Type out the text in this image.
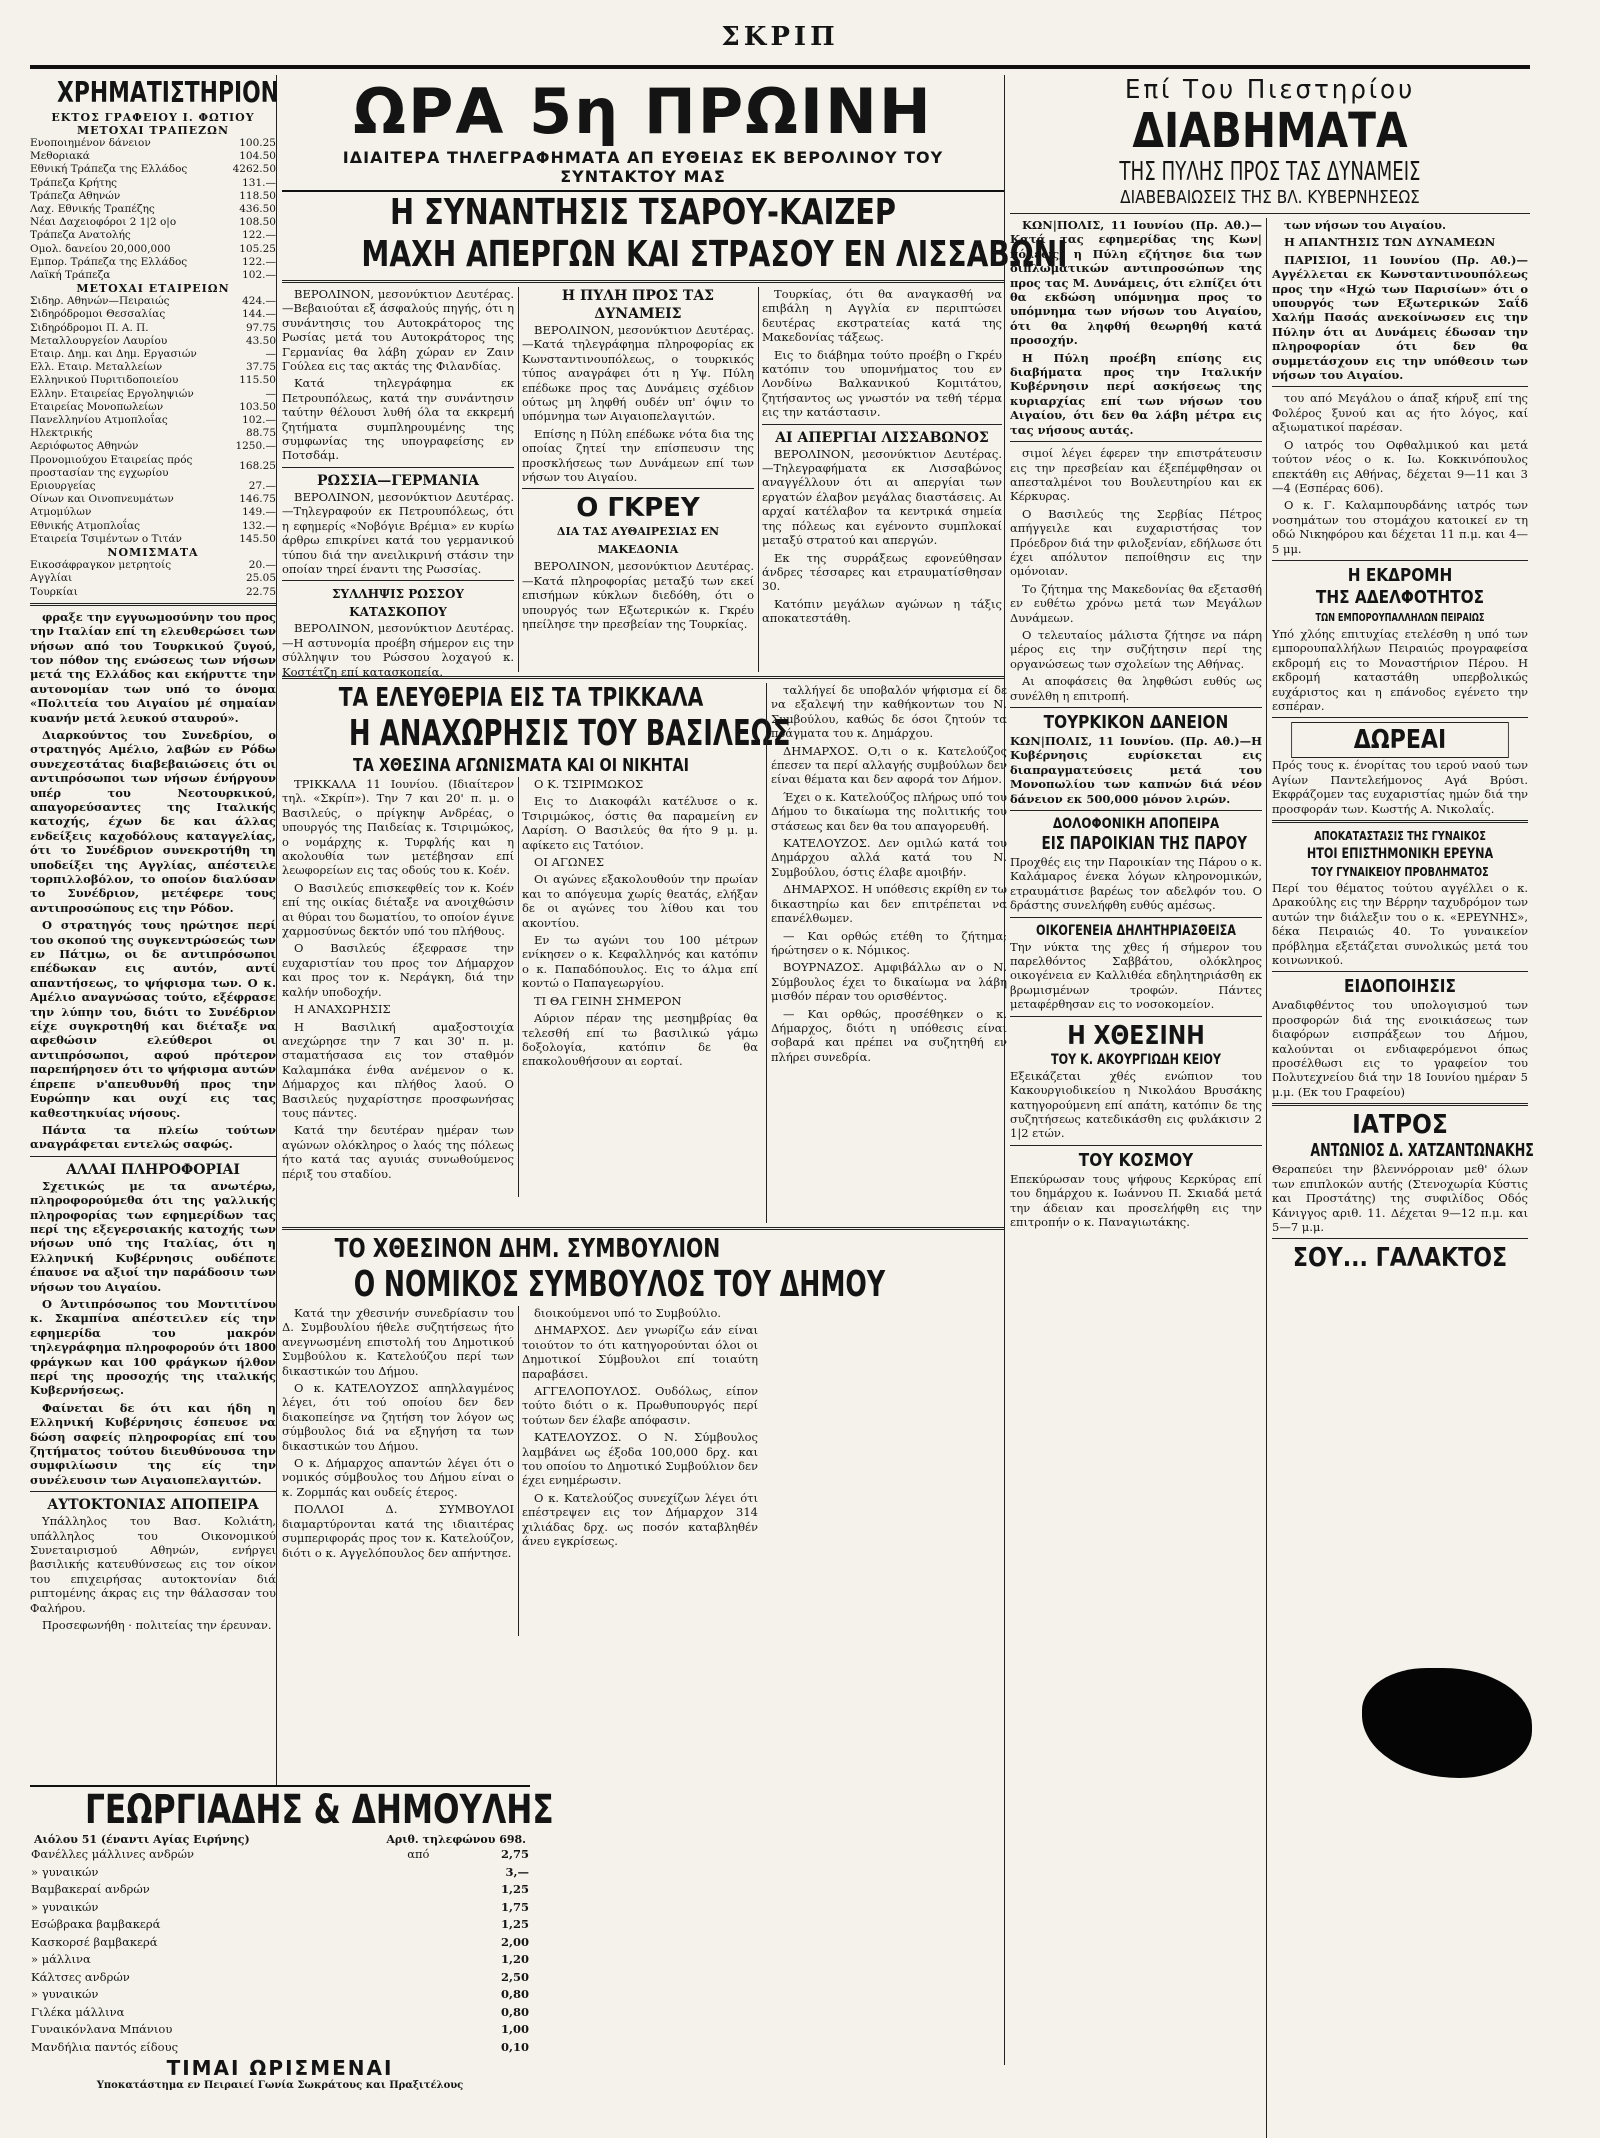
ΣΚΡΙΠ
ΧΡΗΜΑΤΙΣΤΗΡΙΟΝ
ΕΚΤΟΣ ΓΡΑΦΕΙΟΥ Ι. ΦΩΤΙΟΥ
ΜΕΤΟΧΑΙ ΤΡΑΠΕΖΩΝ
Ενοποιημένον δάνειον	100.25
Μεθοριακά	104.50
Εθνική Τράπεζα της Ελλάδος	4262.50
Τράπεζα Κρήτης	131.—
Τράπεζα Αθηνών	118.50
Λαχ. Εθνικής Τραπέζης	436.50
Νέαι Δαχειοφόροι 2 1|2 ο|ο	108.50
Τράπεζα Ανατολής	122.—
Ομολ. δανείου 20,000,000	105.25
Εμπορ. Τράπεζα της Ελλάδος	122.—
Λαϊκή Τράπεζα	102.—
ΜΕΤΟΧΑΙ ΕΤΑΙΡΕΙΩΝ
Σιδηρ. Αθηνών—Πειραιώς	424.—
Σιδηρόδρομοι Θεσσαλίας	144.—
Σιδηρόδρομοι Π. Α. Π.	97.75
Μεταλλουργείον Λαυρίου	43.50
Εταιρ. Δημ. και Δημ. Εργασιών	—
Ελλ. Εταιρ. Μεταλλείων	37.75
Ελληνικού Πυριτιδοποιείου	115.50
Ελλην. Εταιρείας Εργοληψιών	—
Εταιρείας Μονοπωλείων	103.50
Πανελληνίου Ατμοπλοΐας	102.—
Ηλεκτρικής	88.75
Αεριόφωτος Αθηνών	1250.—
Προνομιούχου Εταιρείας πρός προστασίαν της εγχωρίου	168.25
Εριουργείας	27.—
Οίνων και Οινοπνευμάτων	146.75
Ατμομύλων	149.—
Εθνικής Ατμοπλοΐας	132.—
Εταιρεία Τσιμέντων ο Τιτάν	145.50
ΝΟΜΙΣΜΑΤΑ
Εικοσάφραγκον μετρητοίς	20.—
Αγγλίαι	25.05
Τουρκίαι	22.75

φραξε την εγγυωμοσύνην του προς την Ιταλίαν επί τη ελευθερώσει των νήσων από του Τουρκικού ζυγού, τον πόθον της ενώσεως των νήσων μετά της Ελλάδος και εκήρυττε την αυτονομίαν των υπό το όνομα «Πολιτεία του Αιγαίου μέ σημαίαν κυανήν μετά λευκού σταυρού».

Διαρκούντος του Συνεδρίου, ο στρατηγός Αμέλιο, λαβών εν Ρόδω συνεχεστάτας διαβεβαιώσεις ότι οι αντιπρόσωποι των νήσων ένήργουν υπέρ του Νεοτουρκικού, απαγορεύσαντες της Ιταλικής κατοχής, έχων δε και άλλας ενδείξεις καχοδόλους καταγγελίας, ότι το Συνέδριον συνεκροτήθη τη υποδείξει της Αγγλίας, απέστειλε τορπιλλοβόλον, το οποίον διαλύσαν το Συνέδριον, μετέφερε τους αντιπροσώπους εις την Ρόδον.

Ο στρατηγός τους ηρώτησε περί του σκοπού της συγκεντρώσεώς των εν Πάτμω, οι δε αντιπρόσωποι επέδωκαν εις αυτόν, αντί απαντήσεως, το ψήφισμα των. Ο κ. Αμέλιο αναγνώσας τούτο, εξέφρασε την λύπην του, διότι το Συνέδριον είχε συγκροτηθή και διέταξε να αφεθώσιν ελεύθεροι οι αντιπρόσωποι, αφού πρότερον παρεπήρησεν ότι το ψήφισμα αυτών έπρεπε ν'απευθυνθή προς την Ευρώπην και ουχί εις τας καθεστηκυίας νήσους.

Πάντα τα πλείω τούτων αναγράφεται εντελώς σαφώς.

ΑΛΛΑΙ ΠΛΗΡΟΦΟΡΙΑΙ

Σχετικώς με τα ανωτέρω, πληροφορούμεθα ότι της γαλλικής πληροφορίας των εφημερίδων τας περί της εξεγερσιακής κατοχής των νήσων υπό της Ιταλίας, ότι η Ελληνική Κυβέρνησις ουδέποτε έπαυσε να αξιοί την παράδοσιν των νήσων του Αιγαίου.

Ο Άντιπρόσωπος του Μοντιτίνου κ. Σκαμπίνα απέστειλεν είς την εφημερίδα του μακρόν τηλεγράφημα πληροφορούν ότι 1800 φράγκων και 100 φράγκων ήλθον περί της προσοχής της ιταλικής Κυβερνήσεως.

Φαίνεται δε ότι και ήδη η Ελληνική Κυβέρνησις έσπευσε να δώση σαφείς πληροφορίας επί του ζητήματος τούτου διευθύνουσα την συμφιλίωσιν της είς την συνέλευσιν των Αιγαιοπελαγιτών.

ΑΥΤΟΚΤΟΝΙΑΣ ΑΠΟΠΕΙΡΑ

Υπάλληλος του Βασ. Κολιάτη, υπάλληλος του Οικονομικού Συνεταιρισμού Αθηνών, ενήργει βασιλικής κατευθύνσεως εις τον οίκον του επιχειρήσας αυτοκτονίαν διά ριπτομένης άκρας εις την θάλασσαν του Φαλήρου.

Προσεφωνήθη · πολιτείας την έρευναν.

ΓΕΩΡΓΙΑΔΗΣ & ΔΗΜΟΥΛΗΣ
Αιόλου 51 (έναντι Αγίας Ειρήνης)	Αριθ. τηλεφώνου 698.
Φανέλλες μάλλινες ανδρών	από	2,75
» γυναικών		3,—
Βαμβακεραί ανδρών		1,25
» γυναικών		1,75
Εσώβρακα βαμβακερά		1,25
Κασκορσέ βαμβακερά		2,00
» μάλλινα		1,20
Κάλτσες ανδρών		2,50
» γυναικών		0,80
Γιλέκα μάλλινα		0,80
Γυναικόνλανα Μπάνιου		1,00
Μανδήλια παντός είδους		0,10
ΤΙΜΑΙ ΩΡΙΣΜΕΝΑΙ
Υποκατάστημα εν Πειραιεί Γωνία Σωκράτους και Πραξιτέλους
ΩΡΑ 5η ΠΡΩΙΝΗ
ΙΔΙΑΙΤΕΡΑ ΤΗΛΕΓΡΑΦΗΜΑΤΑ ΑΠ ΕΥΘΕΙΑΣ ΕΚ ΒΕΡΟΛΙΝΟΥ ΤΟΥ ΣΥΝΤΑΚΤΟΥ ΜΑΣ
Η ΣΥΝΑΝΤΗΣΙΣ ΤΣΑΡΟΥ-ΚΑΙΖΕΡ
ΜΑΧΗ ΑΠΕΡΓΩΝ ΚΑΙ ΣΤΡΑΣΟΥ ΕΝ ΛΙΣΣΑΒΩΝΙ

ΒΕΡΟΛΙΝΟΝ, μεσονύκτιον Δευτέρας.—Βεβαιούται εξ άσφαλούς πηγής, ότι η συνάντησις του Αυτοκράτορος της Ρωσίας μετά του Αυτοκράτορος της Γερμανίας θα λάβη χώραν εν Ζαιν Γούλεα εις τας ακτάς της Φιλανδίας.

Κατά τηλεγράφημα εκ Πετρουπόλεως, κατά την συνάντησιν ταύτην θέλουσι λυθή όλα τα εκκρεμή ζητήματα συμπληρουμένης της συμφωνίας της υπογραφείσης εν Ποτσδάμ.

ΡΩΣΣΙΑ—ΓΕΡΜΑΝΙΑ

ΒΕΡΟΛΙΝΟΝ, μεσονύκτιον Δευτέρας.—Τηλεγραφούν εκ Πετρουπόλεως, ότι η εφημερίς «Νοβόγιε Βρέμια» εν κυρίω άρθρω επικρίνει κατά του γερμανικού τύπου διά την ανειλικρινή στάσιν την οποίαν τηρεί έναντι της Ρωσσίας.

ΣΥΛΛΗΨΙΣ ΡΩΣΣΟΥ ΚΑΤΑΣΚΟΠΟΥ

ΒΕΡΟΛΙΝΟΝ, μεσονύκτιον Δευτέρας.—Η αστυνομία προέβη σήμερον εις την σύλληψιν του Ρώσσου λοχαγού κ. Κοστέτζη επί κατασκοπεία.

Η ΠΥΛΗ ΠΡΟΣ ΤΑΣ ΔΥΝΑΜΕΙΣ

ΒΕΡΟΛΙΝΟΝ, μεσονύκτιον Δευτέρας.—Κατά τηλεγράφημα πληροφορίας εκ Κωνσταντινουπόλεως, ο τουρκικός τύπος αναγράφει ότι η Υψ. Πύλη επέδωκε προς τας Δυνάμεις σχέδιον ούτως μη ληφθή ουδέν υπ' όψιν το υπόμνημα των Αιγαιοπελαγιτών.

Επίσης η Πύλη επέδωκε νότα δια της οποίας ζητεί την επίσπευσιν της προσκλήσεως των Δυνάμεων επί των νήσων του Αιγαίου.

Ο ΓΚΡΕΥ
ΔΙΑ ΤΑΣ ΑΥΘΑΙΡΕΣΙΑΣ ΕΝ ΜΑΚΕΔΟΝΙΑ

ΒΕΡΟΛΙΝΟΝ, μεσονύκτιον Δευτέρας.—Κατά πληροφορίας μεταξύ των εκεί επισήμων κύκλων διεδόθη, ότι ο υπουργός των Εξωτερικών κ. Γκρέυ ηπείλησε την πρεσβείαν της Τουρκίας.

Τουρκίας, ότι θα αναγκασθή να επιβάλη η Αγγλία εν περιπτώσει δευτέρας εκστρατείας κατά της Μακεδονίας τάξεως.

Εις το διάβημα τούτο προέβη ο Γκρέυ κατόπιν του υπομνήματος του εν Λονδίνω Βαλκανικού Κομιτάτου, ζητήσαντος ως γνωστόν να τεθή τέρμα εις την κατάστασιν.

ΑΙ ΑΠΕΡΓΙΑΙ ΛΙΣΣΑΒΩΝΟΣ

ΒΕΡΟΛΙΝΟΝ, μεσονύκτιον Δευτέρας.—Τηλεγραφήματα εκ Λισσαβώνος αναγγέλλουν ότι αι απεργίαι των εργατών έλαβον μεγάλας διαστάσεις. Αι αρχαί κατέλαβον τα κεντρικά σημεία της πόλεως και εγένοντο συμπλοκαί μεταξύ στρατού και απεργών.

Εκ της συρράξεως εφονεύθησαν άνδρες τέσσαρες και ετραυματίσθησαν 30.

Κατόπιν μεγάλων αγώνων η τάξις αποκατεστάθη.

ΤΑ ΕΛΕΥΘΕΡΙΑ ΕΙΣ ΤΑ ΤΡΙΚΚΑΛΑ
Η ΑΝΑΧΩΡΗΣΙΣ ΤΟΥ ΒΑΣΙΛΕΩΣ
ΤΑ ΧΘΕΣΙΝΑ ΑΓΩΝΙΣΜΑΤΑ ΚΑΙ ΟΙ ΝΙΚΗΤΑΙ

ΤΡΙΚΚΑΛΑ 11 Ιουνίου. (Ιδιαίτερον τηλ. «Σκρίπ»). Την 7 και 20' π. μ. ο Βασιλεύς, ο πρίγκηψ Ανδρέας, ο υπουργός της Παιδείας κ. Τσιριμώκος, ο νομάρχης κ. Τυρφλής και η ακολουθία των μετέβησαν επί λεωφορείων εις τας οδούς του κ. Κοέν.

Ο Βασιλεύς επισκεφθείς τον κ. Κοέν επί της οικίας διέταξε να ανοιχθώσιν αι θύραι του δωματίου, το οποίον έγινε χαρμοσύνως δεκτόν υπό του πλήθους.

Ο Βασιλεύς έξεφρασε την ευχαριστίαν του προς τον Δήμαρχον και προς τον κ. Νεράγκη, διά την καλήν υποδοχήν.

Η ΑΝΑΧΩΡΗΣΙΣ

Η Βασιλική αμαξοστοιχία ανεχώρησε την 7 και 30' π. μ. σταματήσασα εις τον σταθμόν Καλαμπάκα ένθα ανέμενον ο κ. Δήμαρχος και πλήθος λαού. Ο Βασιλεύς ηυχαρίστησε προσφωνήσας τους πάντες.

Κατά την δευτέραν ημέραν των αγώνων ολόκληρος ο λαός της πόλεως ήτο κατά τας αγυιάς συνωθούμενος πέριξ του σταδίου.

Ο Κ. ΤΣΙΡΙΜΩΚΟΣ

Εις το Διακοφάλι κατέλυσε ο κ. Τσιριμώκος, όστις θα παραμείνη εν Λαρίση. Ο Βασιλεύς θα ήτο 9 μ. μ. αφίκετο εις Τατόιον.

ΟΙ ΑΓΩΝΕΣ

Οι αγώνες εξακολουθούν την πρωίαν και το απόγευμα χωρίς θεατάς, ελήξαν δε οι αγώνες του λίθου και του ακοντίου.

Εν τω αγώνι του 100 μέτρων ενίκησεν ο κ. Κεφαλληνός και κατόπιν ο κ. Παπαδόπουλος. Εις το άλμα επί κοντώ ο Παπαγεωργίου.

ΤΙ ΘΑ ΓΕΙΝΗ ΣΗΜΕΡΟΝ

Αύριον πέραν της μεσημβρίας θα τελεσθή επί τω βασιλικώ γάμω δοξολογία, κατόπιν δε θα επακολουθήσουν αι εορταί.

ταλλήγεί δε υποβαλόν ψήφισμα εί δε να εξαλεψή την καθήκοντων του Ν. Συμβούλου, καθώς δε όσοι ζητούν τα πράγματα του κ. Δημάρχου.

ΔΗΜΑΡΧΟΣ. Ο,τι ο κ. Κατελούζος έπεσεν τα περί αλλαγής συμβούλων δεν είναι θέματα και δεν αφορά τον Δήμον.

Έχει ο κ. Κατελούζος πλήρως υπό του Δήμου το δικαίωμα της πολιτικής του στάσεως και δεν θα του απαγορευθή.

ΚΑΤΕΛΟΥΖΟΣ. Δεν ομιλώ κατά του Δημάρχου αλλά κατά του Ν. Συμβούλου, όστις έλαβε αμοιβήν.

ΔΗΜΑΡΧΟΣ. Η υπόθεσις εκρίθη εν τω δικαστηρίω και δεν επιτρέπεται να επανέλθωμεν.

— Και ορθώς ετέθη το ζήτημα; ήρώτησεν ο κ. Νόμικος.

ΒΟΥΡΝΑΖΟΣ. Αμφιβάλλω αν ο Ν. Σύμβουλος έχει το δικαίωμα να λάβη μισθόν πέραν του ορισθέντος.

— Και ορθώς, προσέθηκεν ο κ. Δήμαρχος, διότι η υπόθεσις είναι σοβαρά και πρέπει να συζητηθή εν πλήρει συνεδρία.

ΤΟ ΧΘΕΣΙΝΟΝ ΔΗΜ. ΣΥΜΒΟΥΛΙΟΝ
Ο ΝΟΜΙΚΟΣ ΣΥΜΒΟΥΛΟΣ ΤΟΥ ΔΗΜΟΥ

Κατά την χθεσινήν συνεδρίασιν του Δ. Συμβουλίου ήθελε συζητήσεως ήτο ανεγνωσμένη επιστολή του Δημοτικού Συμβούλου κ. Κατελούζου περί των δικαστικών του Δήμου.

Ο κ. ΚΑΤΕΛΟΥΖΟΣ απηλλαγμένος λέγει, ότι τού οποίου δεν δεν διακοπείησε να ζητήση τον λόγον ως σύμβουλος διά να εξηγήση τα των δικαστικών του Δήμου.

Ο κ. Δήμαρχος απαντών λέγει ότι ο νομικός σύμβουλος του Δήμου είναι ο κ. Ζορμπάς και ουδείς έτερος.

ΠΟΛΛΟΙ Δ. ΣΥΜΒΟΥΛΟΙ διαμαρτύρονται κατά της ιδιαιτέρας συμπεριφοράς προς τον κ. Κατελούζον, διότι ο κ. Αγγελόπουλος δεν απήντησε.

διοικούμενοι υπό το Συμβούλιο.

ΔΗΜΑΡΧΟΣ. Δεν γνωρίζω εάν είναι τοιούτον το ότι κατηγορούνται όλοι οι Δημοτικοί Σύμβουλοι επί τοιαύτη παραβάσει.

ΑΓΓΕΛΟΠΟΥΛΟΣ. Ουδόλως, είπον τούτο διότι ο κ. Πρωθυπουργός περί τούτων δεν έλαβε απόφασιν.

ΚΑΤΕΛΟΥΖΟΣ. Ο Ν. Σύμβουλος λαμβάνει ως έξοδα 100,000 δρχ. και του οποίου το Δημοτικό Συμβούλιον δεν έχει ενημέρωσιν.

Ο κ. Κατελούζος συνεχίζων λέγει ότι επέστρεψεν εις τον Δήμαρχον 314 χιλιάδας δρχ. ως ποσόν καταβληθέν άνευ εγκρίσεως.

Επί Του Πιεστηρίου
ΔΙΑΒΗΜΑΤΑ
ΤΗΣ ΠΥΛΗΣ ΠΡΟΣ ΤΑΣ ΔΥΝΑΜΕΙΣ
ΔΙΑΒΕΒΑΙΩΣΕΙΣ ΤΗΣ ΒΛ. ΚΥΒΕΡΝΗΣΕΩΣ

ΚΩΝ|ΠΟΛΙΣ, 11 Ιουνίου (Πρ. Αθ.)—Κατά τας εφημερίδας της Κων|πόλεως, η Πύλη εζήτησε δια των διπλωματικών αντιπροσώπων της προς τας Μ. Δυνάμεις, ότι ελπίζει ότι θα εκδώση υπόμνημα προς το υπόμνημα των νήσων του Αιγαίου, ότι θα ληφθή θεωρηθή κατά προσοχήν.

Η Πύλη προέβη επίσης εις διαβήματα προς την Ιταλικήν Κυβέρνησιν περί ασκήσεως της κυριαρχίας επί των νήσων του Αιγαίου, ότι δεν θα λάβη μέτρα εις τας νήσους αυτάς.

σιμοί λέγει έφερεν την επιστράτευσιν εις την πρεσβείαν και έξεπέμφθησαν οι απεσταλμένοι του Βουλευτηρίου και εκ Κέρκυρας.

Ο Βασιλεύς της Σερβίας Πέτρος απήγγειλε και ευχαριστήσας τον Πρόεδρον διά την φιλοξενίαν, εδήλωσε ότι έχει απόλυτον πεποίθησιν εις την ομόνοιαν.

Το ζήτημα της Μακεδονίας θα εξετασθή εν ευθέτω χρόνω μετά των Μεγάλων Δυνάμεων.

Ο τελευταίος μάλιστα ζήτησε να πάρη μέρος εις την συζήτησιν περί της οργανώσεως των σχολείων της Αθήνας.

Αι αποφάσεις θα ληφθώσι ευθύς ως συνέλθη η επιτροπή.

ΤΟΥΡΚΙΚΟΝ ΔΑΝΕΙΟΝ
ΚΩΝ|ΠΟΛΙΣ, 11 Ιουνίου. (Πρ. Αθ.)—Η Κυβέρνησις ευρίσκεται εις διαπραγματεύσεις μετά του Μονοπωλίου των καπνών διά νέον δάνειον εκ 500,000 μόνον λιρών.
ΔΟΛΟΦΟΝΙΚΗ ΑΠΟΠΕΙΡΑ
ΕΙΣ ΠΑΡΟΙΚΙΑΝ ΤΗΣ ΠΑΡΟΥ
Προχθές εις την Παροικίαν της Πάρου ο κ. Καλάμαρος ένεκα λόγων κληρονομικών, ετραυμάτισε βαρέως τον αδελφόν του. Ο δράστης συνελήφθη ευθύς αμέσως.
ΟΙΚΟΓΕΝΕΙΑ ΔΗΛΗΤΗΡΙΑΣΘΕΙΣΑ
Την νύκτα της χθες ή σήμερον του παρελθόντος Σαββάτου, ολόκληρος οικογένεια εν Καλλιθέα εδηλητηριάσθη εκ βρωμισμένων τροφών. Πάντες μεταφέρθησαν εις το νοσοκομείον.
Η ΧΘΕΣΙΝΗ
ΤΟΥ Κ. ΑΚΟΥΡΓΙΩΔΗ ΚΕΙΟΥ
Εξεικάζεται χθές ενώπιον του Κακουργιοδικείου η Νικολάου Βρυσάκης κατηγορούμενη επί απάτη, κατόπιν δε της συζητήσεως κατεδικάσθη εις φυλάκισιν 2 1|2 ετών.
ΤΟΥ ΚΟΣΜΟΥ
Επεκύρωσαν τους ψήφους Κερκύρας επί του δημάρχου κ. Ιωάννου Π. Σκιαδά μετά την άδειαν και προσελήφθη εις την επιτροπήν ο κ. Παναγιωτάκης.

των νήσων του Αιγαίου.

Η ΑΠΑΝΤΗΣΙΣ ΤΩΝ ΔΥΝΑΜΕΩΝ

ΠΑΡΙΣΙΟΙ, 11 Ιουνίου (Πρ. Αθ.)—Αγγέλλεται εκ Κωνσταντινουπόλεως προς την «Ηχώ των Παρισίων» ότι ο υπουργός των Εξωτερικών Σαΐδ Χαλήμ Πασάς ανεκοίνωσεν εις την Πύλην ότι αι Δυνάμεις έδωσαν την πληροφορίαν ότι δεν θα συμμετάσχουν εις την υπόθεσιν των νήσων του Αιγαίου.

του από Μεγάλου ο άπαξ κήρυξ επί της Φολέρος ξυνού και ας ήτο λόγος, καί αξιωματικοί παρέσαν.

Ο ιατρός του Οφθαλμικού και μετά τούτον νέος ο κ. Ιω. Κοκκινόπουλος επεκτάθη εις Αθήνας, δέχεται 9—11 και 3—4 (Εσπέρας 606).

Ο κ. Γ. Καλαμπουρδάνης ιατρός των νοσημάτων του στομάχου κατοικεί εν τη οδώ Νικηφόρου και δέχεται 11 π.μ. και 4—5 μμ.

Η ΕΚΔΡΟΜΗ
ΤΗΣ ΑΔΕΛΦΟΤΗΤΟΣ
ΤΩΝ ΕΜΠΟΡΟΥΠΑΛΛΗΛΩΝ ΠΕΙΡΑΙΩΣ
Υπό χλόης επιτυχίας ετελέσθη η υπό των εμπορουπαλλήλων Πειραιώς προγραφείσα εκδρομή εις το Μοναστήριον Πέρου. Η εκδρομή καταστάθη υπερβολικώς ευχάριστος και η επάνοδος εγένετο την εσπέραν.
ΔΩΡΕΑΙ
Πρός τους κ. ένορίτας του ιερού ναού των Αγίων Παντελεήμονος Αγά Βρύσι. Εκφράζομεν τας ευχαριστίας ημών διά την προσφοράν των. Κωστής Α. Νικολαΐς.
ΑΠΟΚΑΤΑΣΤΑΣΙΣ ΤΗΣ ΓΥΝΑΙΚΟΣ
ΗΤΟΙ ΕΠΙΣΤΗΜΟΝΙΚΗ ΕΡΕΥΝΑ
ΤΟΥ ΓΥΝΑΙΚΕΙΟΥ ΠΡΟΒΛΗΜΑΤΟΣ
Περί του θέματος τούτου αγγέλλει ο κ. Δρακούλης εις την Βέρρην ταχυδρόμον των αυτών την διάλεξιν του ο κ. «ΕΡΕΥΝΗΣ», δέκα Πειραιώς 40. Το γυναικείον πρόβλημα εξετάζεται συνολικώς μετά του κοινωνικού.
ΕΙΔΟΠΟΙΗΣΙΣ
Αναδιφθέντος του υπολογισμού των προσφορών διά της ενοικιάσεως των διαφόρων εισπράξεων του Δήμου, καλούνται οι ενδιαφερόμενοι όπως προσέλθωσι εις το γραφείον του Πολυτεχνείου διά την 18 Ιουνίου ημέραν 5 μ.μ. (Εκ του Γραφείου)
ΙΑΤΡΟΣ
ΑΝΤΩΝΙΟΣ Δ. ΧΑΤΖΑΝΤΩΝΑΚΗΣ
Θεραπεύει την βλεννόρροιαν μεθ' όλων των επιπλοκών αυτής (Στενοχωρία Κύστις και Προστάτης) της συφιλίδος Οδός Κάνιγγος αριθ. 11. Δέχεται 9—12 π.μ. και 5—7 μ.μ.
ΣΟΥ... ΓΑΛΑΚΤΟΣ
